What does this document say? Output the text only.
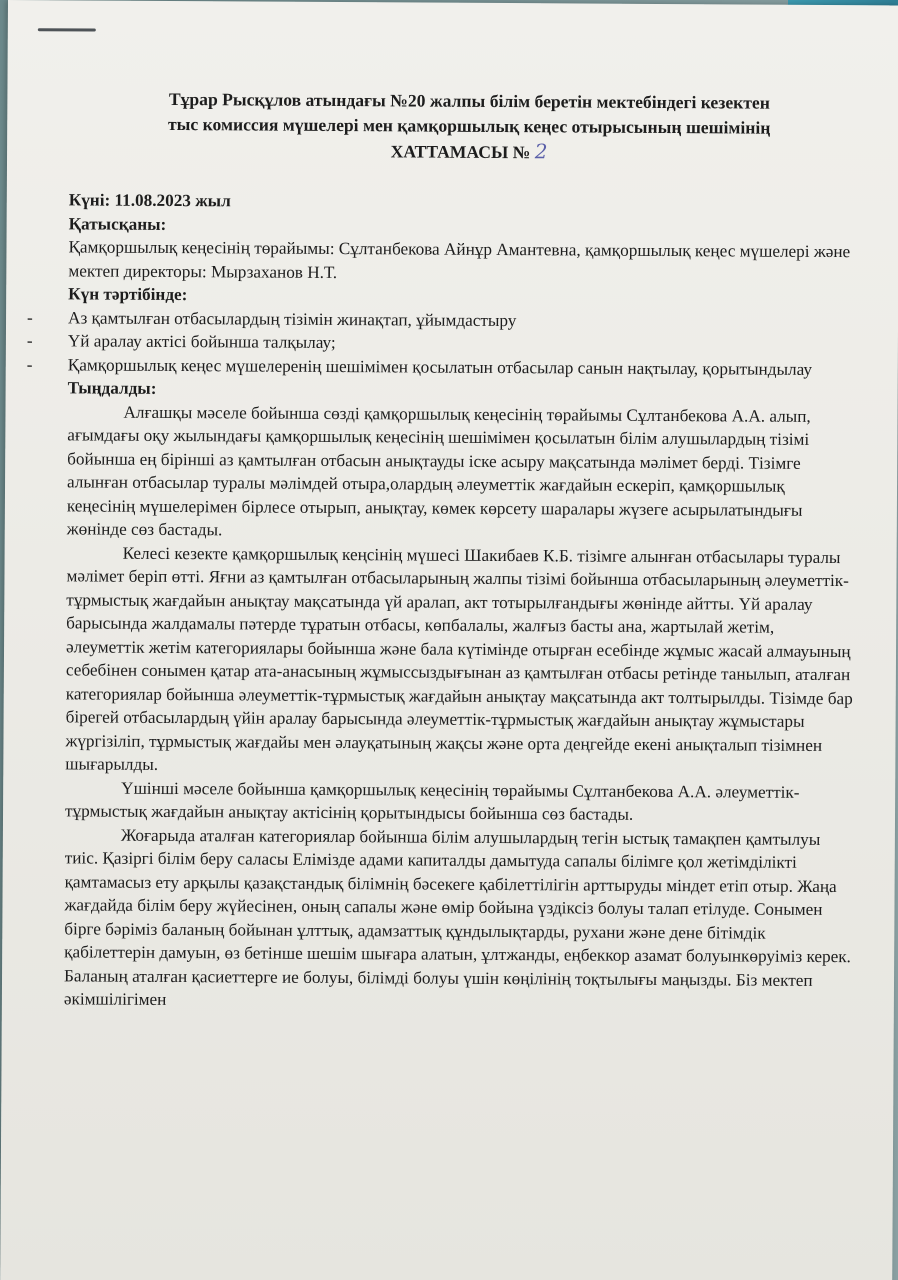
Тұрар Рысқұлов атындағы №20 жалпы білім беретін мектебіндегі кезектен
тыс комиссия мүшелері мен қамқоршылық кеңес отырысының шешімінің
ХАТТАМАСЫ № 2
Күні: 11.08.2023 жыл
Қатысқаны:
Қамқоршылық кеңесінің төрайымы: Сұлтанбекова Айнұр Амантевна, қамқоршылық кеңес мүшелері және мектеп директоры: Мырзаханов Н.Т.
Күн тәртібінде:
- Аз қамтылған отбасылардың тізімін жинақтап, ұйымдастыру
- Үй аралау актісі бойынша талқылау;
- Қамқоршылық кеңес мүшелеренің шешімімен қосылатын отбасылар санын нақтылау, қорытындылау
Тыңдалды:

Алғашқы мәселе бойынша сөзді қамқоршылық кеңесінің төрайымы Сұлтанбекова А.А. алып, ағымдағы оқу жылындағы қамқоршылық кеңесінің шешімімен қосылатын білім алушылардың тізімі бойынша ең бірінші аз қамтылған отбасын анықтауды іске асыру мақсатында мәлімет берді. Тізімге алынған отбасылар туралы мәлімдей отыра,олардың әлеуметтік жағдайын ескеріп, қамқоршылық кеңесінің мүшелерімен бірлесе отырып, анықтау, көмек көрсету шаралары жүзеге асырылатындығы жөнінде сөз бастады.

Келесі кезекте қамқоршылық кеңсінің мүшесі Шакибаев К.Б. тізімге алынған отбасылары туралы мәлімет беріп өтті. Яғни аз қамтылған отбасыларының жалпы тізімі бойынша отбасыларының әлеуметтік-тұрмыстық жағдайын анықтау мақсатында үй аралап, акт тотырылғандығы жөнінде айтты. Үй аралау барысында жалдамалы пәтерде тұратын отбасы, көпбалалы, жалғыз басты ана, жартылай жетім, әлеуметтік жетім категориялары бойынша және бала күтімінде отырған есебінде жұмыс жасай алмауының себебінен сонымен қатар ата-анасының жұмыссыздығынан аз қамтылған отбасы ретінде танылып, аталған категориялар бойынша әлеуметтік-тұрмыстық жағдайын анықтау мақсатында акт толтырылды. Тізімде бар бірегей отбасылардың үйін аралау барысында әлеуметтік-тұрмыстық жағдайын анықтау жұмыстары жүргізіліп, тұрмыстық жағдайы мен әлауқатының жақсы және орта деңгейде екені анықталып тізімнен шығарылды.

Үшінші мәселе бойынша қамқоршылық кеңесінің төрайымы Сұлтанбекова А.А. әлеуметтік-тұрмыстық жағдайын анықтау актісінің қорытындысы бойынша сөз бастады.

Жоғарыда аталған категориялар бойынша білім алушылардың тегін ыстық тамақпен қамтылуы тиіс. Қазіргі білім беру саласы Елімізде адами капиталды дамытуда сапалы білімге қол жетімділікті қамтамасыз ету арқылы қазақстандық білімнің бәсекеге қабілеттілігін арттыруды міндет етіп отыр. Жаңа жағдайда білім беру жүйесінен, оның сапалы және өмір бойына үздіксіз болуы талап етілуде. Сонымен бірге бәріміз баланың бойынан ұлттық, адамзаттық құндылықтарды, рухани және дене бітімдік қабілеттерін дамуын, өз бетінше шешім шығара алатын, ұлтжанды, еңбеккор азамат болуынкөруіміз керек. Баланың аталған қасиеттерге ие болуы, білімді болуы үшін көңілінің тоқтылығы маңызды. Біз мектеп әкімшілігімен
